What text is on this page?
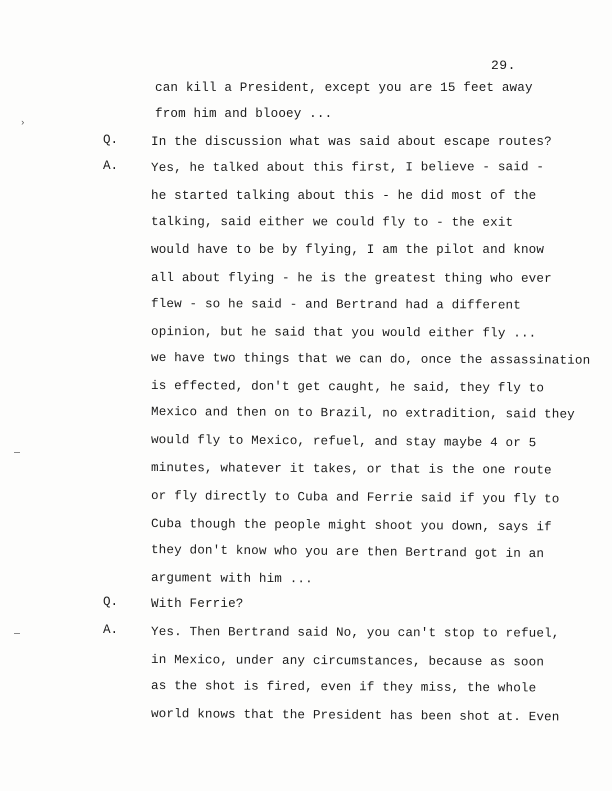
29.
›
can kill a President, except you are 15 feet away
from him and blooey ...
Q.	In the discussion what was said about escape routes?
A.	Yes, he talked about this first, I believe - said -
he started talking about this - he did most of the
talking, said either we could fly to - the exit
would have to be by flying, I am the pilot and know
all about flying - he is the greatest thing who ever
flew - so he said - and Bertrand had a different
opinion, but he said that you would either fly ...
we have two things that we can do, once the assassination
is effected, don't get caught, he said, they fly to
Mexico and then on to Brazil, no extradition, said they
would fly to Mexico, refuel, and stay maybe 4 or 5
minutes, whatever it takes, or that is the one route
or fly directly to Cuba and Ferrie said if you fly to
Cuba though the people might shoot you down, says if
they don't know who you are then Bertrand got in an
argument with him ...
Q.	With Ferrie?
A.	Yes. Then Bertrand said No, you can't stop to refuel,
in Mexico, under any circumstances, because as soon
as the shot is fired, even if they miss, the whole
world knows that the President has been shot at. Even
